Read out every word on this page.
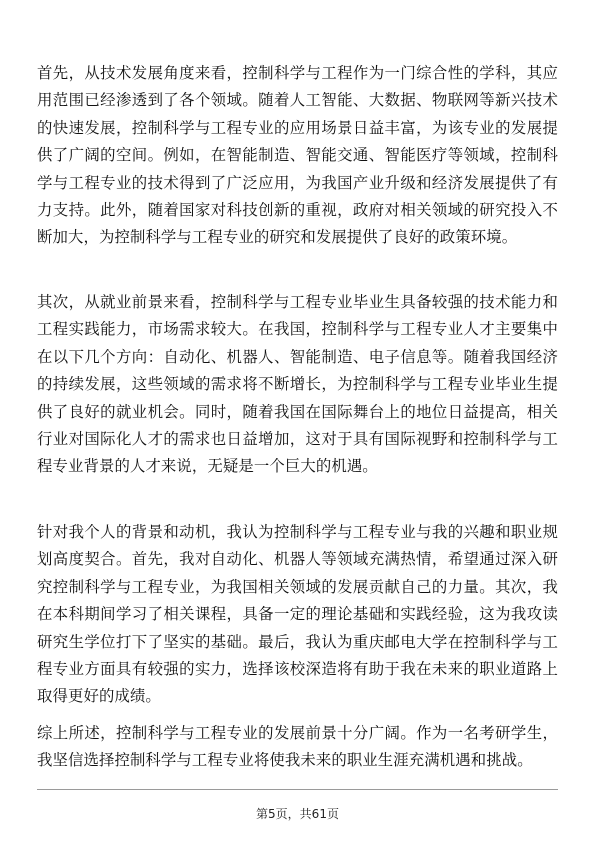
首先，从技术发展角度来看，控制科学与工程作为一门综合性的学科，其应用范围已经渗透到了各个领域。随着人工智能、大数据、物联网等新兴技术的快速发展，控制科学与工程专业的应用场景日益丰富，为该专业的发展提供了广阔的空间。例如，在智能制造、智能交通、智能医疗等领域，控制科学与工程专业的技术得到了广泛应用，为我国产业升级和经济发展提供了有力支持。此外，随着国家对科技创新的重视，政府对相关领域的研究投入不断加大，为控制科学与工程专业的研究和发展提供了良好的政策环境。

其次，从就业前景来看，控制科学与工程专业毕业生具备较强的技术能力和工程实践能力，市场需求较大。在我国，控制科学与工程专业人才主要集中在以下几个方向：自动化、机器人、智能制造、电子信息等。随着我国经济的持续发展，这些领域的需求将不断增长，为控制科学与工程专业毕业生提供了良好的就业机会。同时，随着我国在国际舞台上的地位日益提高，相关行业对国际化人才的需求也日益增加，这对于具有国际视野和控制科学与工程专业背景的人才来说，无疑是一个巨大的机遇。

针对我个人的背景和动机，我认为控制科学与工程专业与我的兴趣和职业规划高度契合。首先，我对自动化、机器人等领域充满热情，希望通过深入研究控制科学与工程专业，为我国相关领域的发展贡献自己的力量。其次，我在本科期间学习了相关课程，具备一定的理论基础和实践经验，这为我攻读研究生学位打下了坚实的基础。最后，我认为重庆邮电大学在控制科学与工程专业方面具有较强的实力，选择该校深造将有助于我在未来的职业道路上取得更好的成绩。

综上所述，控制科学与工程专业的发展前景十分广阔。作为一名考研学生，我坚信选择控制科学与工程专业将使我未来的职业生涯充满机遇和挑战。

第5页，共61页
